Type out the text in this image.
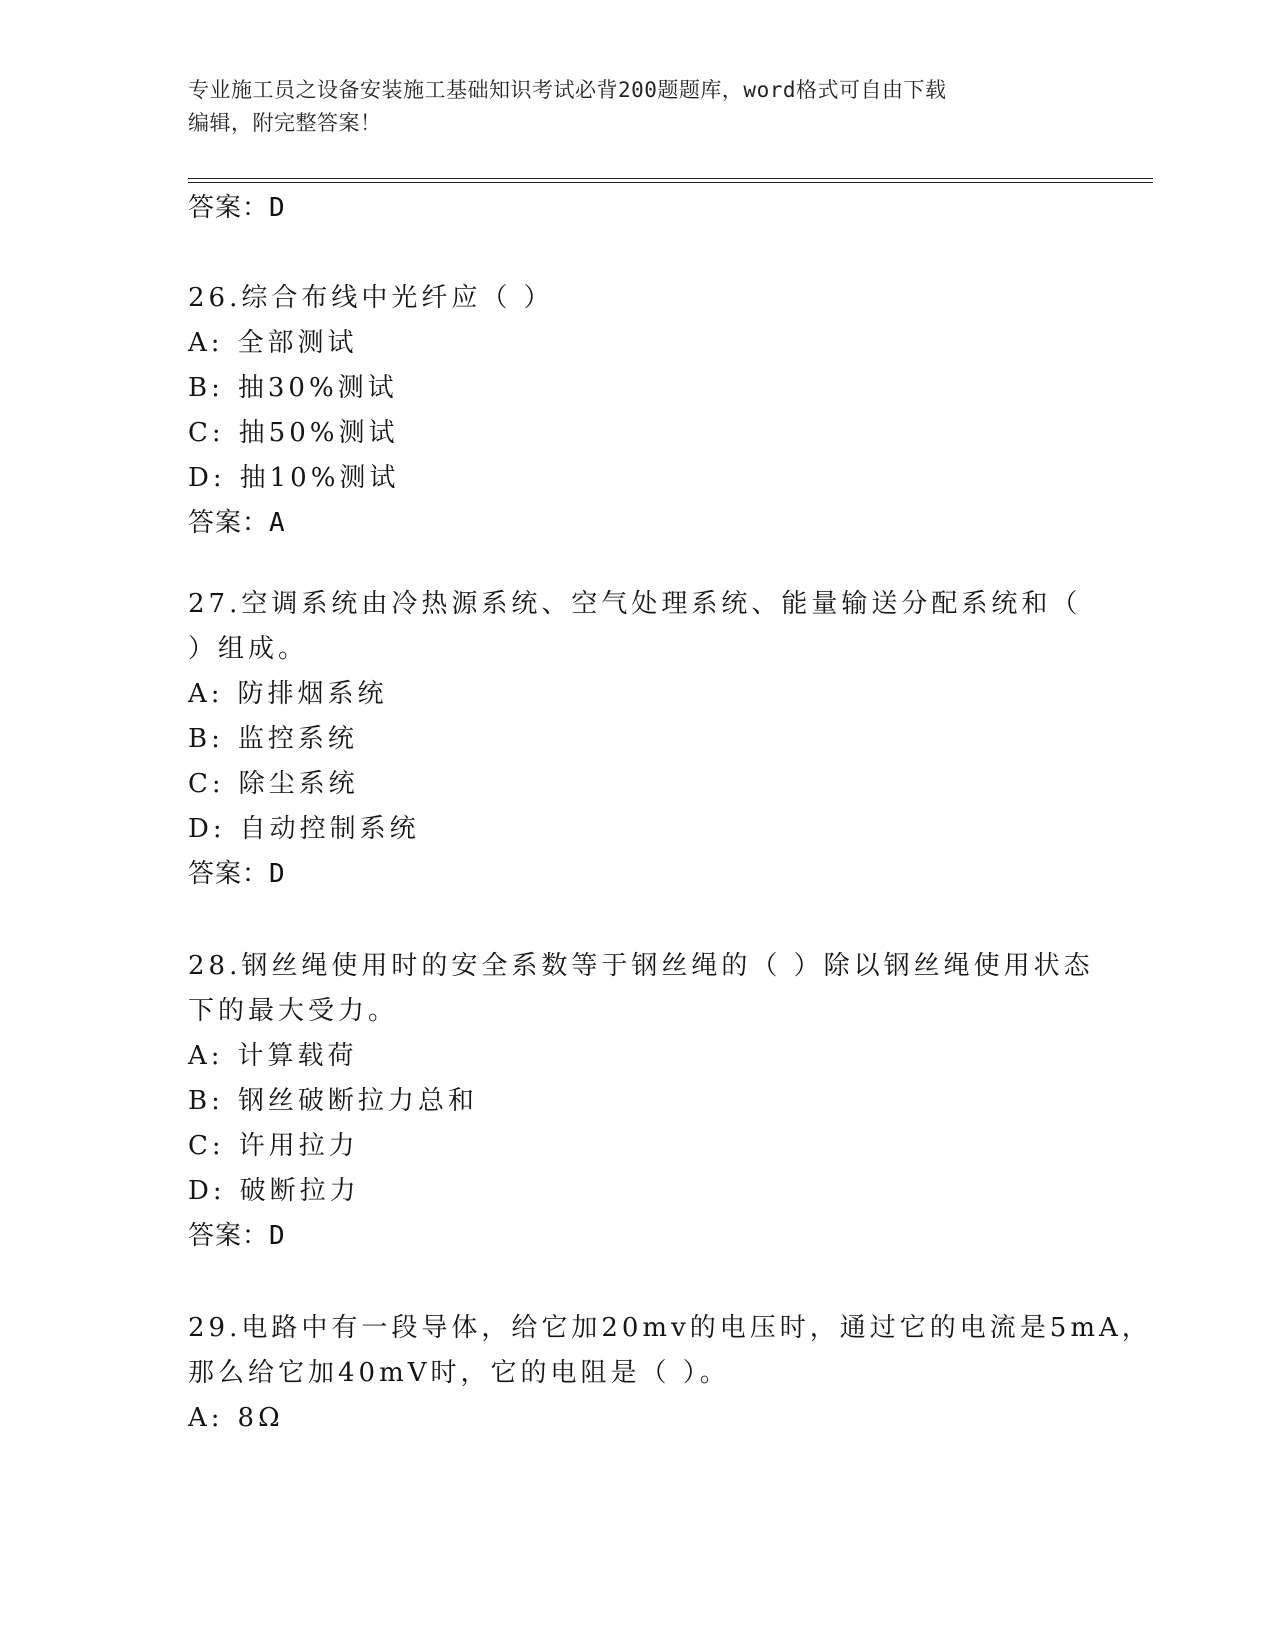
专业施工员之设备安装施工基础知识考试必背200题题库，word格式可自由下载
编辑，附完整答案！
答案：D
26.综合布线中光纤应（ ）
A: 全部测试
B: 抽30%测试
C: 抽50%测试
D: 抽10%测试
答案：A
27.空调系统由冷热源系统、空气处理系统、能量输送分配系统和（
）组成。
A: 防排烟系统
B: 监控系统
C: 除尘系统
D: 自动控制系统
答案：D
28.钢丝绳使用时的安全系数等于钢丝绳的（ ）除以钢丝绳使用状态
下的最大受力。
A: 计算载荷
B: 钢丝破断拉力总和
C: 许用拉力
D: 破断拉力
答案：D
29.电路中有一段导体，给它加20mv的电压时，通过它的电流是5mA，
那么给它加40mV时，它的电阻是（ ）。
A: 8Ω
